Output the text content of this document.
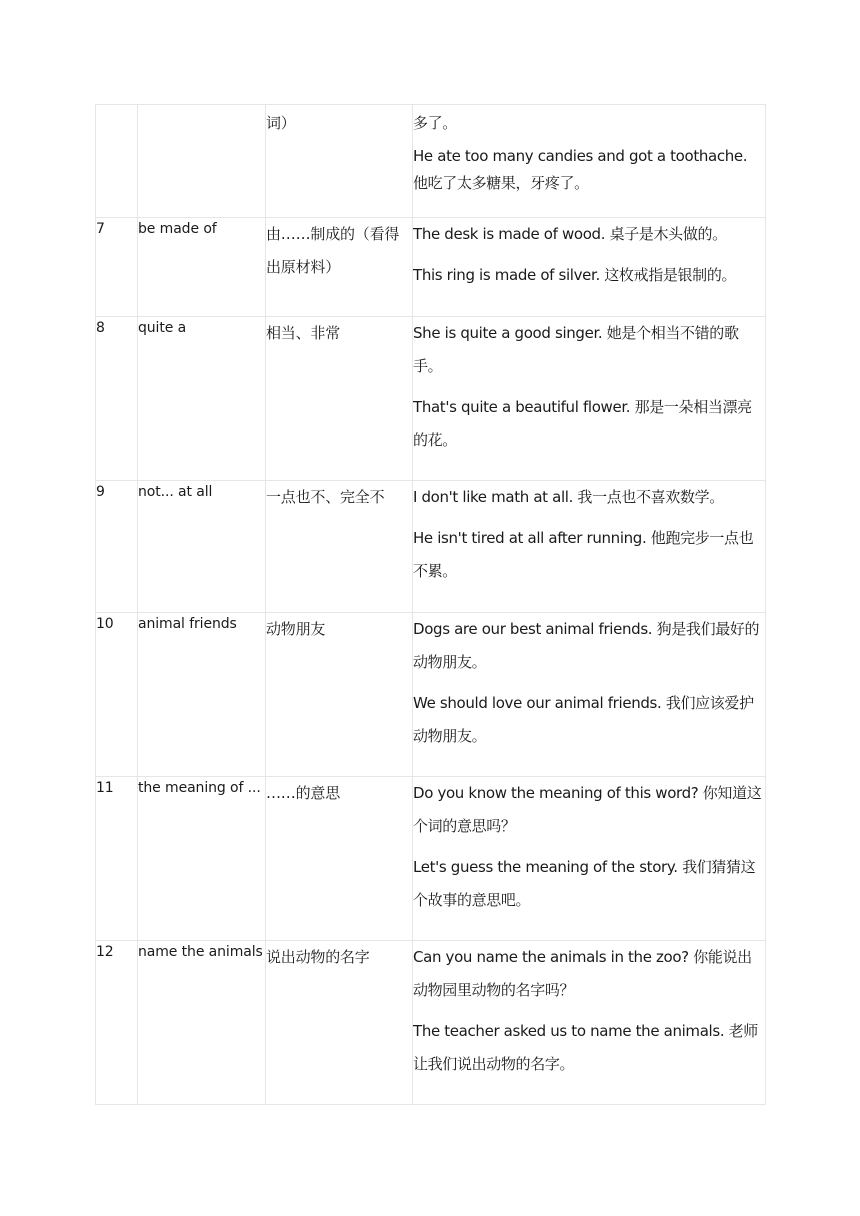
		词）	多了。
He ate too many candies and got a toothache.
他吃了太多糖果，牙疼了。

7	be made of	由……制成的（看得出原材料）	The desk is made of wood. 桌子是木头做的。
This ring is made of silver. 这枚戒指是银制的。

8	quite a	相当、非常	She is quite a good singer. 她是个相当不错的歌手。
That's quite a beautiful flower. 那是一朵相当漂亮的花。

9	not... at all	一点也不、完全不	I don't like math at all. 我一点也不喜欢数学。
He isn't tired at all after running. 他跑完步一点也不累。

10	animal friends	动物朋友	Dogs are our best animal friends. 狗是我们最好的动物朋友。
We should love our animal friends. 我们应该爱护动物朋友。

11	the meaning of ...	……的意思	Do you know the meaning of this word? 你知道这个词的意思吗？
Let's guess the meaning of the story. 我们猜猜这个故事的意思吧。

12	name the animals	说出动物的名字	Can you name the animals in the zoo? 你能说出动物园里动物的名字吗？
The teacher asked us to name the animals. 老师让我们说出动物的名字。
